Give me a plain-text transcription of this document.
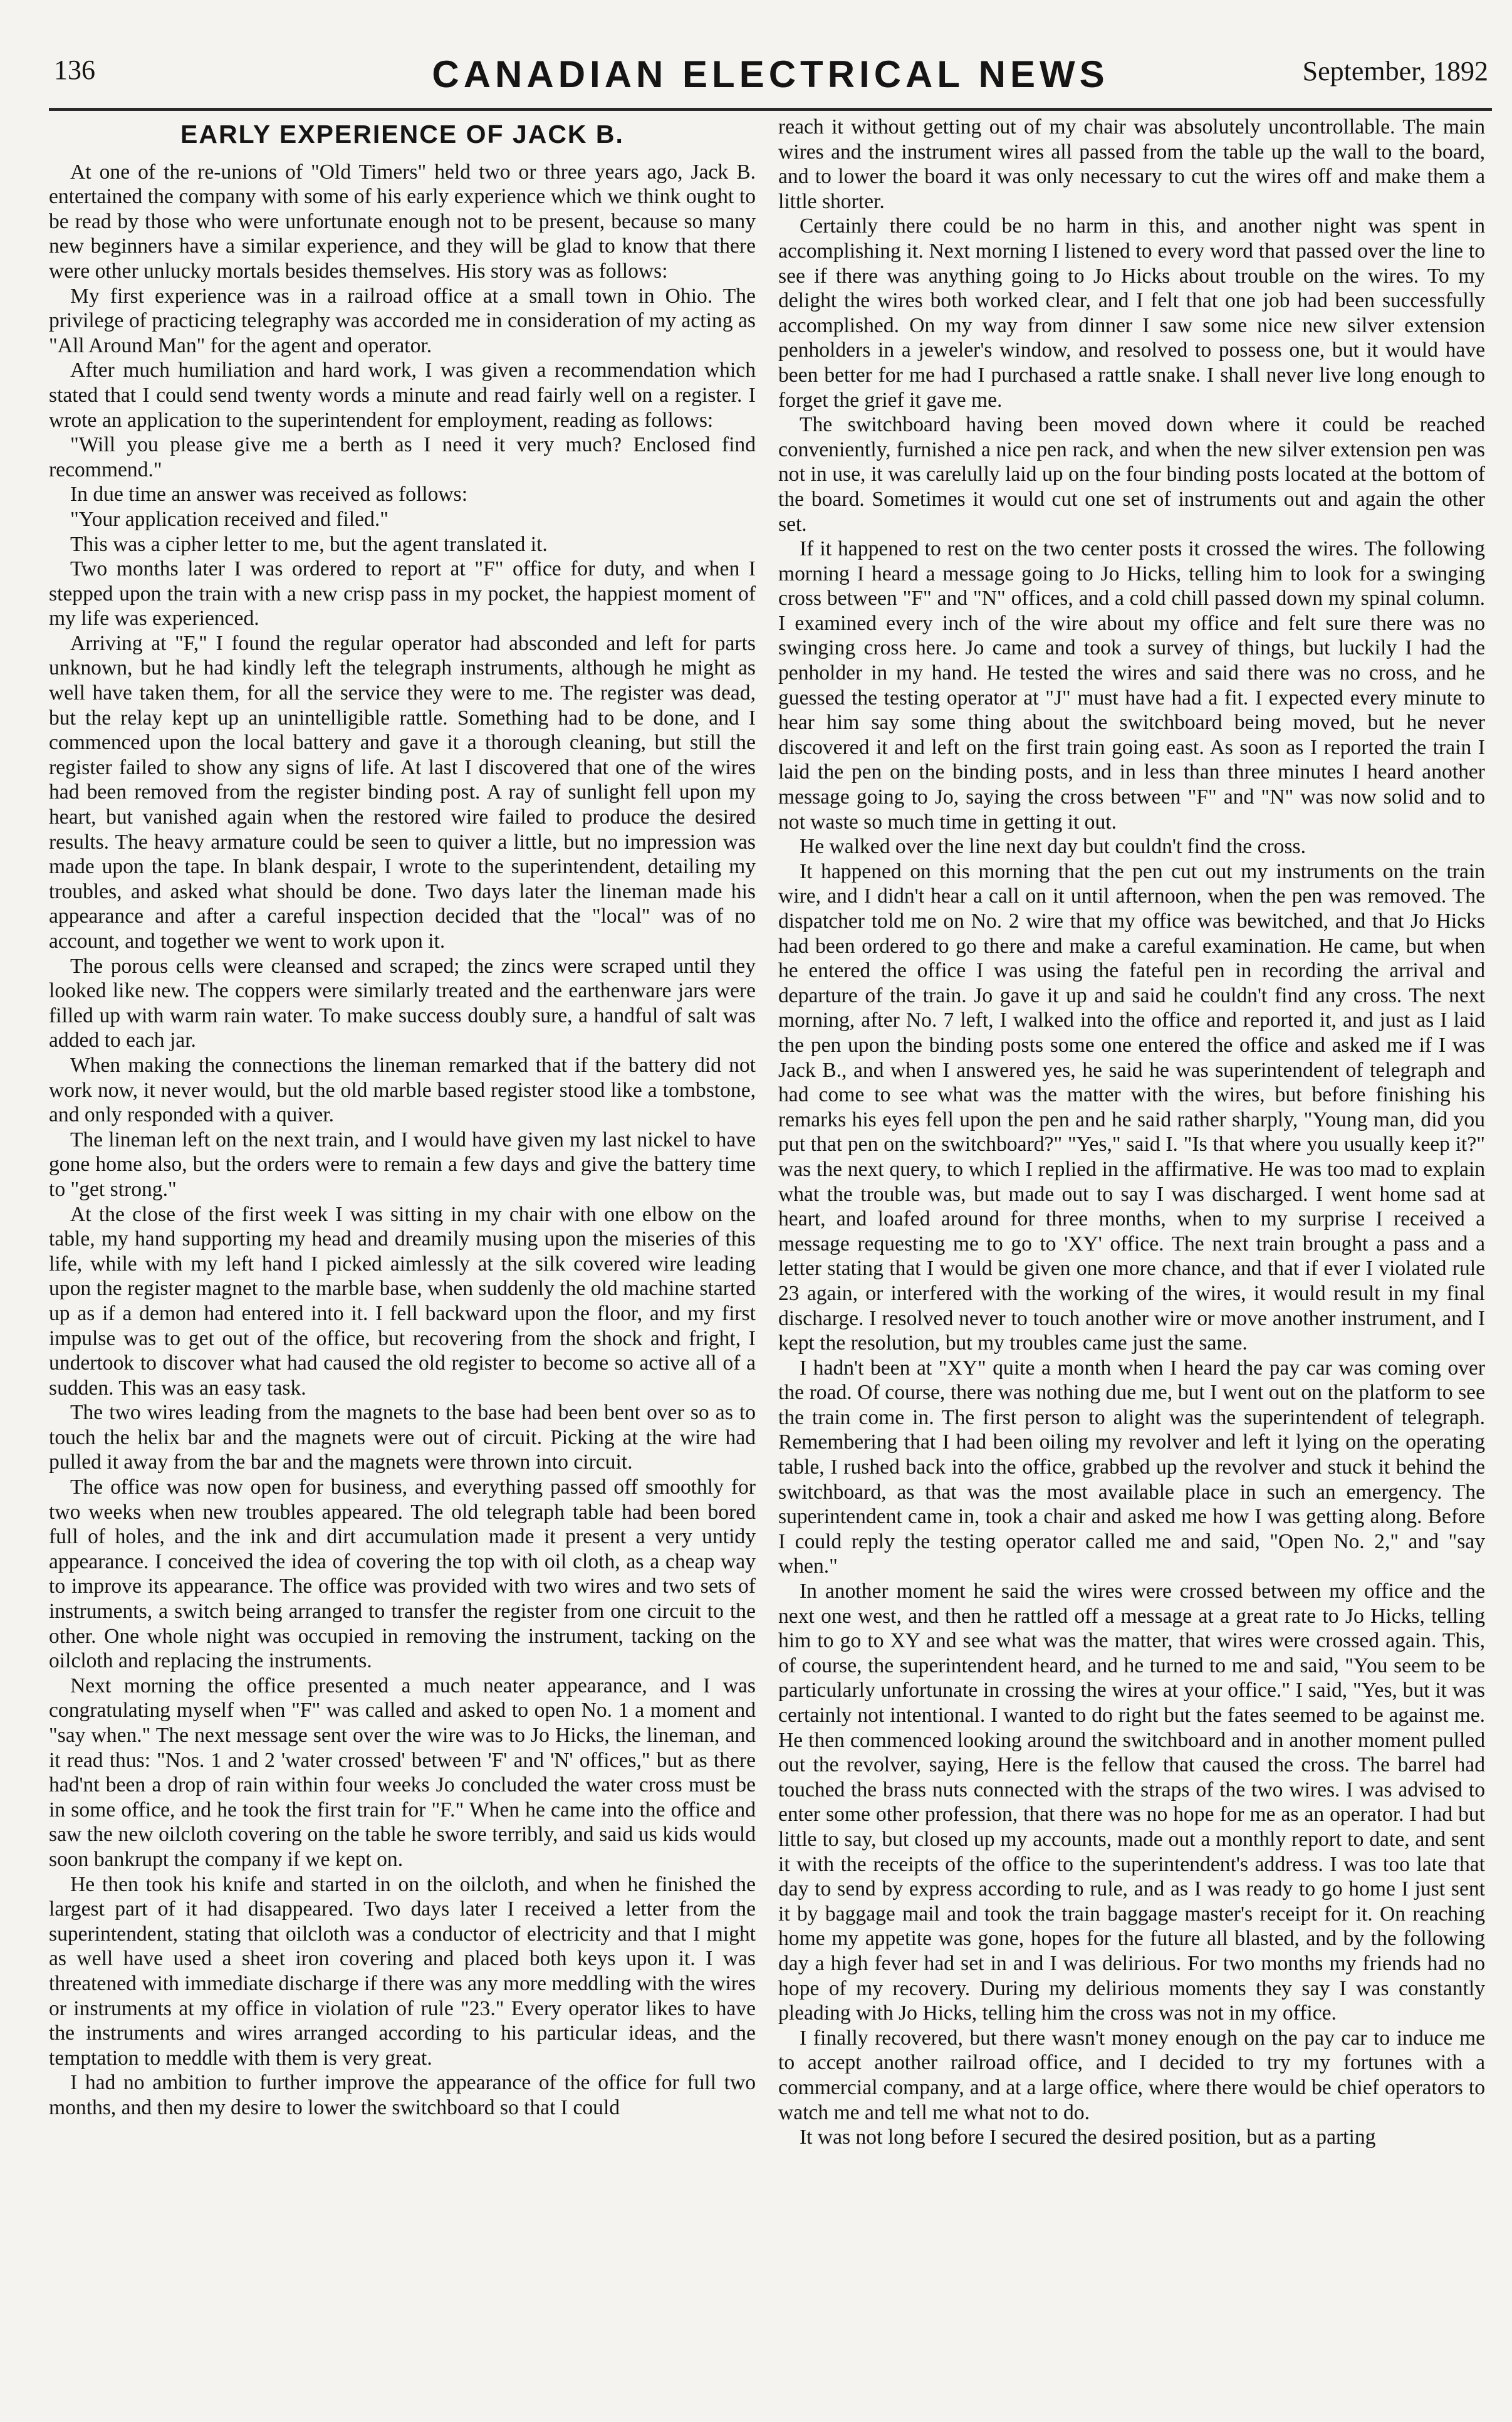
136	CANADIAN ELECTRICAL NEWS	September, 1892
EARLY EXPERIENCE OF JACK B.

At one of the re-unions of "Old Timers" held two or three years ago, Jack B. entertained the company with some of his early experience which we think ought to be read by those who were unfortunate enough not to be present, because so many new beginners have a similar experience, and they will be glad to know that there were other unlucky mortals besides themselves. His story was as follows:

My first experience was in a railroad office at a small town in Ohio. The privilege of practicing telegraphy was accorded me in consideration of my acting as "All Around Man" for the agent and operator.

After much humiliation and hard work, I was given a recommendation which stated that I could send twenty words a minute and read fairly well on a register. I wrote an application to the superintendent for employment, reading as follows:

"Will you please give me a berth as I need it very much? Enclosed find recommend."

In due time an answer was received as follows:

"Your application received and filed."

This was a cipher letter to me, but the agent translated it.

Two months later I was ordered to report at "F" office for duty, and when I stepped upon the train with a new crisp pass in my pocket, the happiest moment of my life was experienced.

Arriving at "F," I found the regular operator had absconded and left for parts unknown, but he had kindly left the telegraph instruments, although he might as well have taken them, for all the service they were to me. The register was dead, but the relay kept up an unintelligible rattle. Something had to be done, and I commenced upon the local battery and gave it a thorough cleaning, but still the register failed to show any signs of life. At last I discovered that one of the wires had been removed from the register binding post. A ray of sunlight fell upon my heart, but vanished again when the restored wire failed to produce the desired results. The heavy armature could be seen to quiver a little, but no impression was made upon the tape. In blank despair, I wrote to the superintendent, detailing my troubles, and asked what should be done. Two days later the lineman made his appearance and after a careful inspection decided that the "local" was of no account, and together we went to work upon it.

The porous cells were cleansed and scraped; the zincs were scraped until they looked like new. The coppers were similarly treated and the earthenware jars were filled up with warm rain water. To make success doubly sure, a handful of salt was added to each jar.

When making the connections the lineman remarked that if the battery did not work now, it never would, but the old marble based register stood like a tombstone, and only responded with a quiver.

The lineman left on the next train, and I would have given my last nickel to have gone home also, but the orders were to remain a few days and give the battery time to "get strong."

At the close of the first week I was sitting in my chair with one elbow on the table, my hand supporting my head and dreamily musing upon the miseries of this life, while with my left hand I picked aimlessly at the silk covered wire leading upon the register magnet to the marble base, when suddenly the old machine started up as if a demon had entered into it. I fell backward upon the floor, and my first impulse was to get out of the office, but recovering from the shock and fright, I undertook to discover what had caused the old register to become so active all of a sudden. This was an easy task.

The two wires leading from the magnets to the base had been bent over so as to touch the helix bar and the magnets were out of circuit. Picking at the wire had pulled it away from the bar and the magnets were thrown into circuit.

The office was now open for business, and everything passed off smoothly for two weeks when new troubles appeared. The old telegraph table had been bored full of holes, and the ink and dirt accumulation made it present a very untidy appearance. I conceived the idea of covering the top with oil cloth, as a cheap way to improve its appearance. The office was provided with two wires and two sets of instruments, a switch being arranged to transfer the register from one circuit to the other. One whole night was occupied in removing the instrument, tacking on the oilcloth and replacing the instruments.

Next morning the office presented a much neater appearance, and I was congratulating myself when "F" was called and asked to open No. 1 a moment and "say when." The next message sent over the wire was to Jo Hicks, the lineman, and it read thus: "Nos. 1 and 2 'water crossed' between 'F' and 'N' offices," but as there had'nt been a drop of rain within four weeks Jo concluded the water cross must be in some office, and he took the first train for "F." When he came into the office and saw the new oilcloth covering on the table he swore terribly, and said us kids would soon bankrupt the company if we kept on.

He then took his knife and started in on the oilcloth, and when he finished the largest part of it had disappeared. Two days later I received a letter from the superintendent, stating that oilcloth was a conductor of electricity and that I might as well have used a sheet iron covering and placed both keys upon it. I was threatened with immediate discharge if there was any more meddling with the wires or instruments at my office in violation of rule "23." Every operator likes to have the instruments and wires arranged according to his particular ideas, and the temptation to meddle with them is very great.

I had no ambition to further improve the appearance of the office for full two months, and then my desire to lower the switchboard so that I could

reach it without getting out of my chair was absolutely uncontrollable. The main wires and the instrument wires all passed from the table up the wall to the board, and to lower the board it was only necessary to cut the wires off and make them a little shorter.

Certainly there could be no harm in this, and another night was spent in accomplishing it. Next morning I listened to every word that passed over the line to see if there was anything going to Jo Hicks about trouble on the wires. To my delight the wires both worked clear, and I felt that one job had been successfully accomplished. On my way from dinner I saw some nice new silver extension penholders in a jeweler's window, and resolved to possess one, but it would have been better for me had I purchased a rattle snake. I shall never live long enough to forget the grief it gave me.

The switchboard having been moved down where it could be reached conveniently, furnished a nice pen rack, and when the new silver extension pen was not in use, it was carelully laid up on the four binding posts located at the bottom of the board. Sometimes it would cut one set of instruments out and again the other set.

If it happened to rest on the two center posts it crossed the wires. The following morning I heard a message going to Jo Hicks, telling him to look for a swinging cross between "F" and "N" offices, and a cold chill passed down my spinal column. I examined every inch of the wire about my office and felt sure there was no swinging cross here. Jo came and took a survey of things, but luckily I had the penholder in my hand. He tested the wires and said there was no cross, and he guessed the testing operator at "J" must have had a fit. I expected every minute to hear him say some thing about the switchboard being moved, but he never discovered it and left on the first train going east. As soon as I reported the train I laid the pen on the binding posts, and in less than three minutes I heard another message going to Jo, saying the cross between "F" and "N" was now solid and to not waste so much time in getting it out.

He walked over the line next day but couldn't find the cross.

It happened on this morning that the pen cut out my instruments on the train wire, and I didn't hear a call on it until afternoon, when the pen was removed. The dispatcher told me on No. 2 wire that my office was bewitched, and that Jo Hicks had been ordered to go there and make a careful examination. He came, but when he entered the office I was using the fateful pen in recording the arrival and departure of the train. Jo gave it up and said he couldn't find any cross. The next morning, after No. 7 left, I walked into the office and reported it, and just as I laid the pen upon the binding posts some one entered the office and asked me if I was Jack B., and when I answered yes, he said he was superintendent of telegraph and had come to see what was the matter with the wires, but before finishing his remarks his eyes fell upon the pen and he said rather sharply, "Young man, did you put that pen on the switchboard?" "Yes," said I. "Is that where you usually keep it?" was the next query, to which I replied in the affirmative. He was too mad to explain what the trouble was, but made out to say I was discharged. I went home sad at heart, and loafed around for three months, when to my surprise I received a message requesting me to go to 'XY' office. The next train brought a pass and a letter stating that I would be given one more chance, and that if ever I violated rule 23 again, or interfered with the working of the wires, it would result in my final discharge. I resolved never to touch another wire or move another instrument, and I kept the resolution, but my troubles came just the same.

I hadn't been at "XY" quite a month when I heard the pay car was coming over the road. Of course, there was nothing due me, but I went out on the platform to see the train come in. The first person to alight was the superintendent of telegraph. Remembering that I had been oiling my revolver and left it lying on the operating table, I rushed back into the office, grabbed up the revolver and stuck it behind the switchboard, as that was the most available place in such an emergency. The superintendent came in, took a chair and asked me how I was getting along. Before I could reply the testing operator called me and said, "Open No. 2," and "say when."

In another moment he said the wires were crossed between my office and the next one west, and then he rattled off a message at a great rate to Jo Hicks, telling him to go to XY and see what was the matter, that wires were crossed again. This, of course, the superintendent heard, and he turned to me and said, "You seem to be particularly unfortunate in crossing the wires at your office." I said, "Yes, but it was certainly not intentional. I wanted to do right but the fates seemed to be against me. He then commenced looking around the switchboard and in another moment pulled out the revolver, saying, Here is the fellow that caused the cross. The barrel had touched the brass nuts connected with the straps of the two wires. I was advised to enter some other profession, that there was no hope for me as an operator. I had but little to say, but closed up my accounts, made out a monthly report to date, and sent it with the receipts of the office to the superintendent's address. I was too late that day to send by express according to rule, and as I was ready to go home I just sent it by baggage mail and took the train baggage master's receipt for it. On reaching home my appetite was gone, hopes for the future all blasted, and by the following day a high fever had set in and I was delirious. For two months my friends had no hope of my recovery. During my delirious moments they say I was constantly pleading with Jo Hicks, telling him the cross was not in my office.

I finally recovered, but there wasn't money enough on the pay car to induce me to accept another railroad office, and I decided to try my fortunes with a commercial company, and at a large office, where there would be chief operators to watch me and tell me what not to do.

It was not long before I secured the desired position, but as a parting
